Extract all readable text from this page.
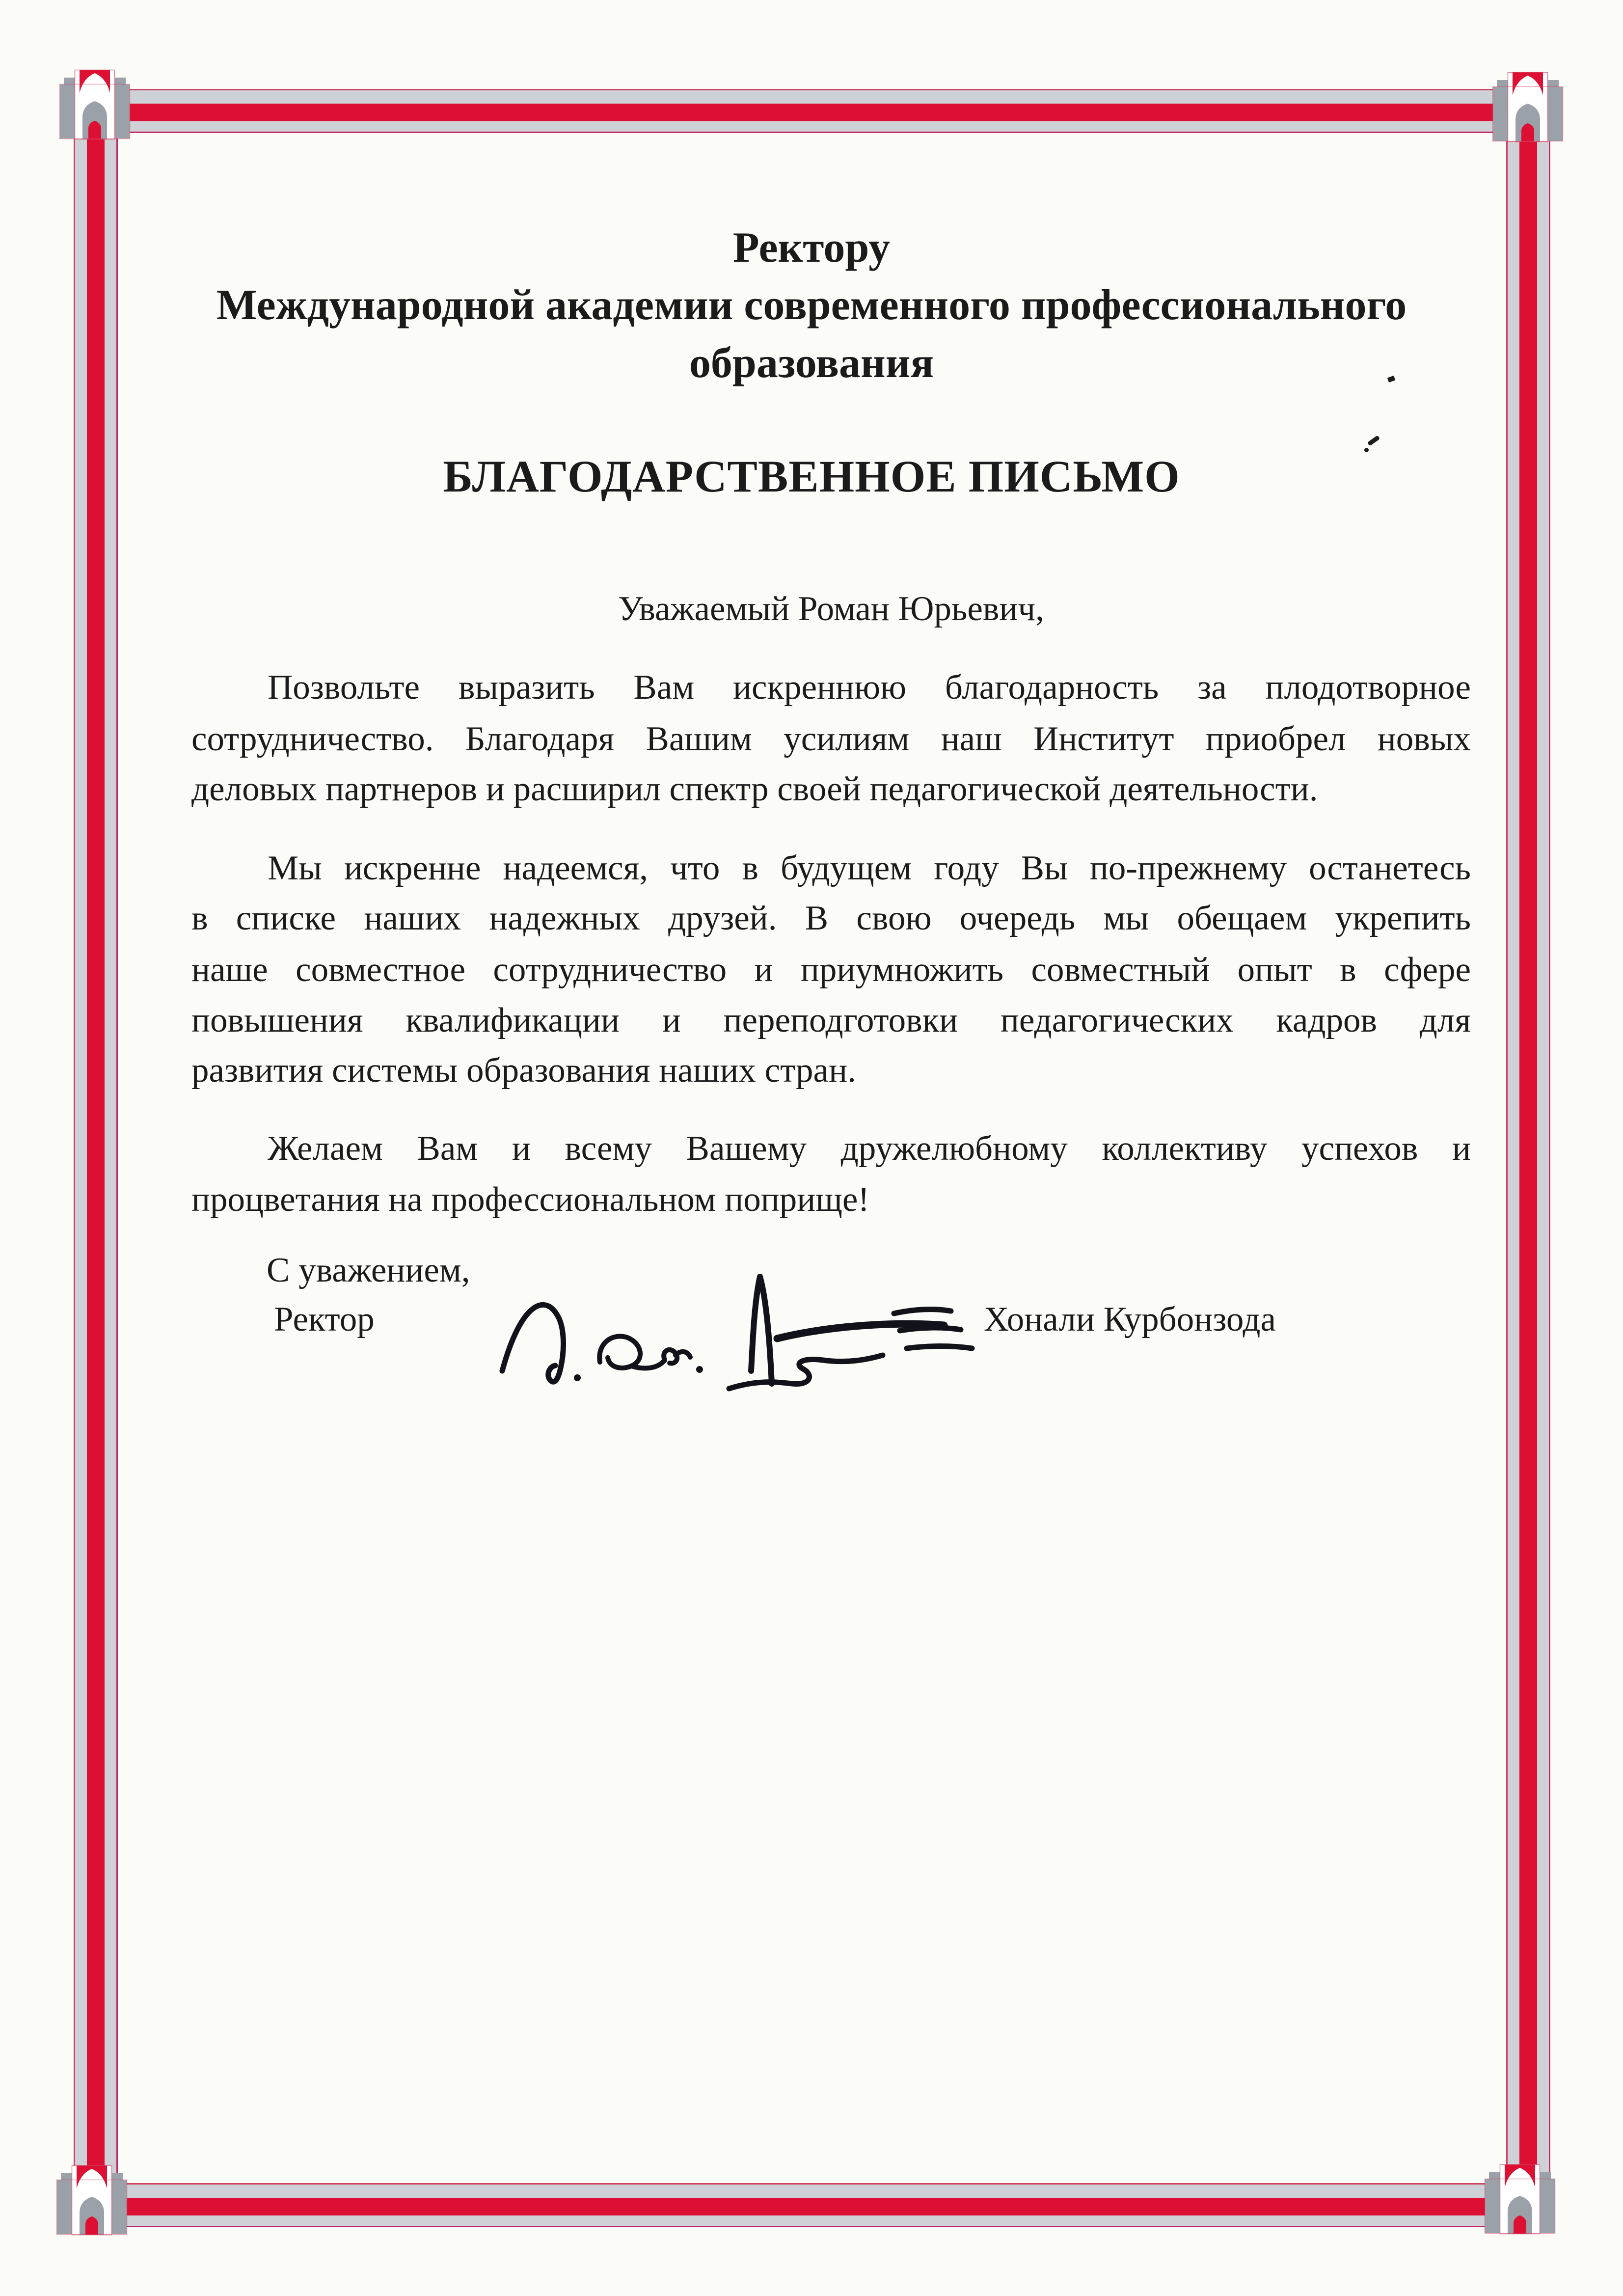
Ректору
Международной академии современного профессионального
образования
БЛАГОДАРСТВЕННОЕ ПИСЬМО
Уважаемый Роман Юрьевич,
Позвольте выразить Вам искреннюю благодарность за плодотворное
сотрудничество. Благодаря Вашим усилиям наш Институт приобрел новых
деловых партнеров и расширил спектр своей педагогической деятельности.
Мы искренне надеемся, что в будущем году Вы по-прежнему останетесь
в списке наших надежных друзей. В свою очередь мы обещаем укрепить
наше совместное сотрудничество и приумножить совместный опыт в сфере
повышения квалификации и переподготовки педагогических кадров для
развития системы образования наших стран.
Желаем Вам и всему Вашему дружелюбному коллективу успехов и
процветания на профессиональном поприще!
С уважением,
Ректор	Хонали Курбонзода
